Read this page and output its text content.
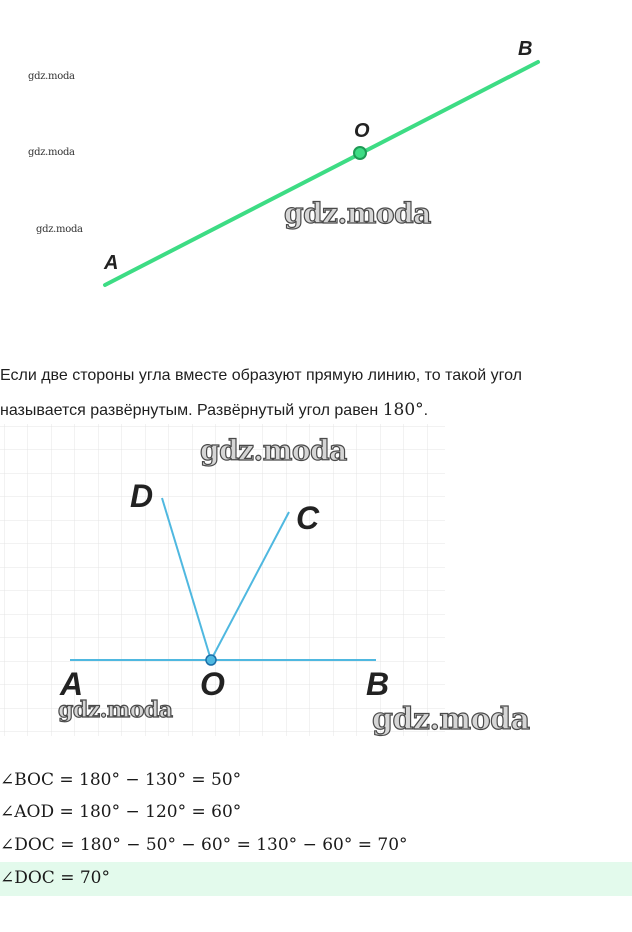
A
B
O
gdz.moda
gdz.moda
gdz.moda	gdz.moda
Если две стороны угла вместе образуют прямую линию, то такой угол
называется развёрнутым. Развёрнутый угол равен 180°.
D
C
A	O	B
gdz.moda
gdz.moda	gdz.moda
∠BOC = 180° − 130° = 50°
∠AOD = 180° − 120° = 60°
∠DOC = 180° − 50° − 60° = 130° − 60° = 70°
∠DOC = 70°
